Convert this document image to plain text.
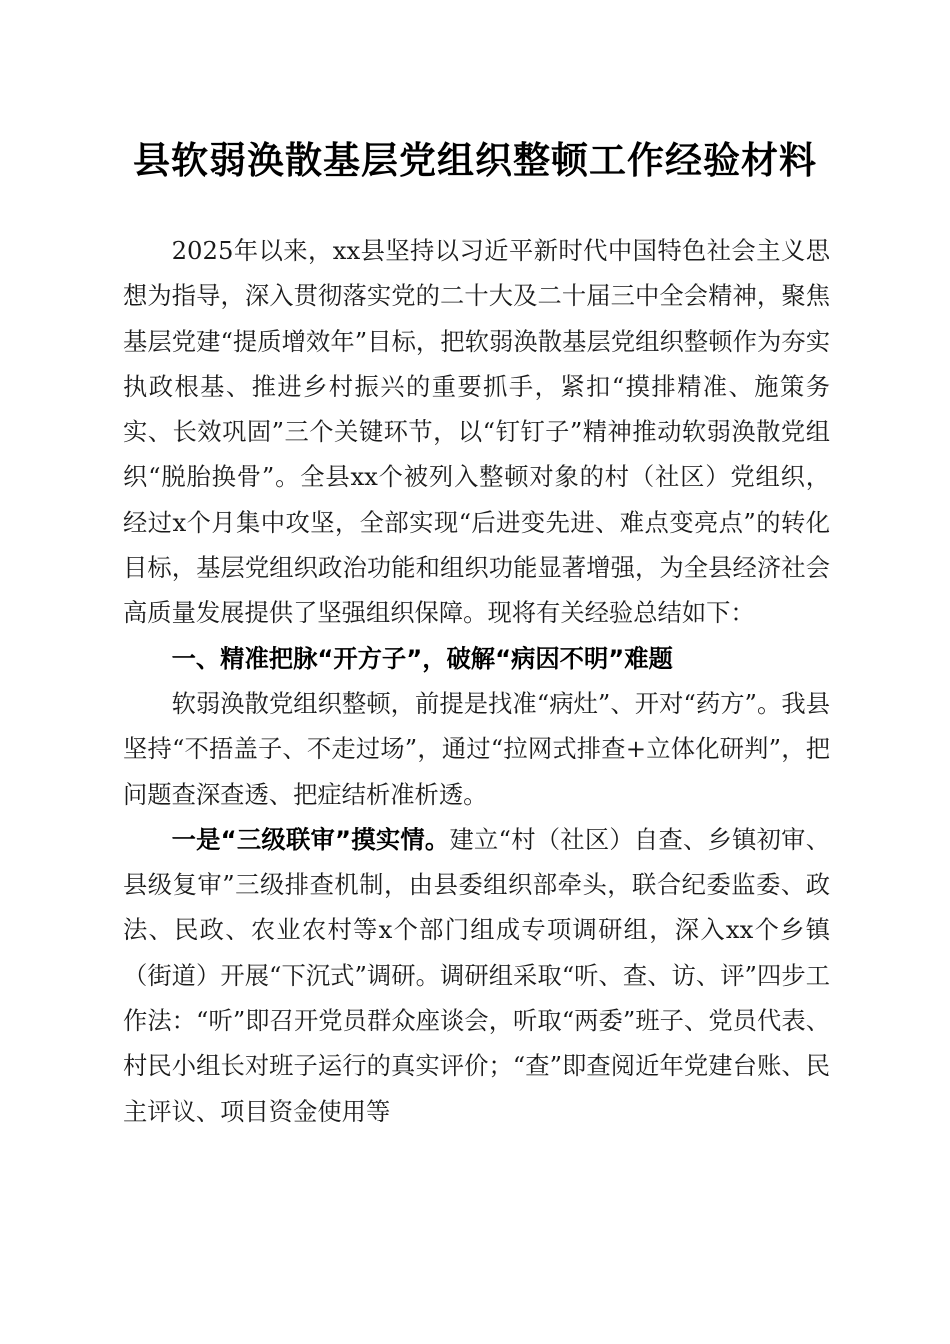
县软弱涣散基层党组织整顿工作经验材料

2025年以来，xx县坚持以习近平新时代中国特色社会主义思想为指导，深入贯彻落实党的二十大及二十届三中全会精神，聚焦基层党建“提质增效年”目标，把软弱涣散基层党组织整顿作为夯实执政根基、推进乡村振兴的重要抓手，紧扣“摸排精准、施策务实、长效巩固”三个关键环节，以“钉钉子”精神推动软弱涣散党组织“脱胎换骨”。全县xx个被列入整顿对象的村（社区）党组织，经过x个月集中攻坚，全部实现“后进变先进、难点变亮点”的转化目标，基层党组织政治功能和组织功能显著增强，为全县经济社会高质量发展提供了坚强组织保障。现将有关经验总结如下：

一、精准把脉“开方子”，破解“病因不明”难题

软弱涣散党组织整顿，前提是找准“病灶”、开对“药方”。我县坚持“不捂盖子、不走过场”，通过“拉网式排查+立体化研判”，把问题查深查透、把症结析准析透。

一是“三级联审”摸实情。建立“村（社区）自查、乡镇初审、县级复审”三级排查机制，由县委组织部牵头，联合纪委监委、政法、民政、农业农村等x个部门组成专项调研组，深入xx个乡镇（街道）开展“下沉式”调研。调研组采取“听、查、访、评”四步工作法：“听”即召开党员群众座谈会，听取“两委”班子、党员代表、村民小组长对班子运行的真实评价；“查”即查阅近年党建台账、民主评议、项目资金使用等
